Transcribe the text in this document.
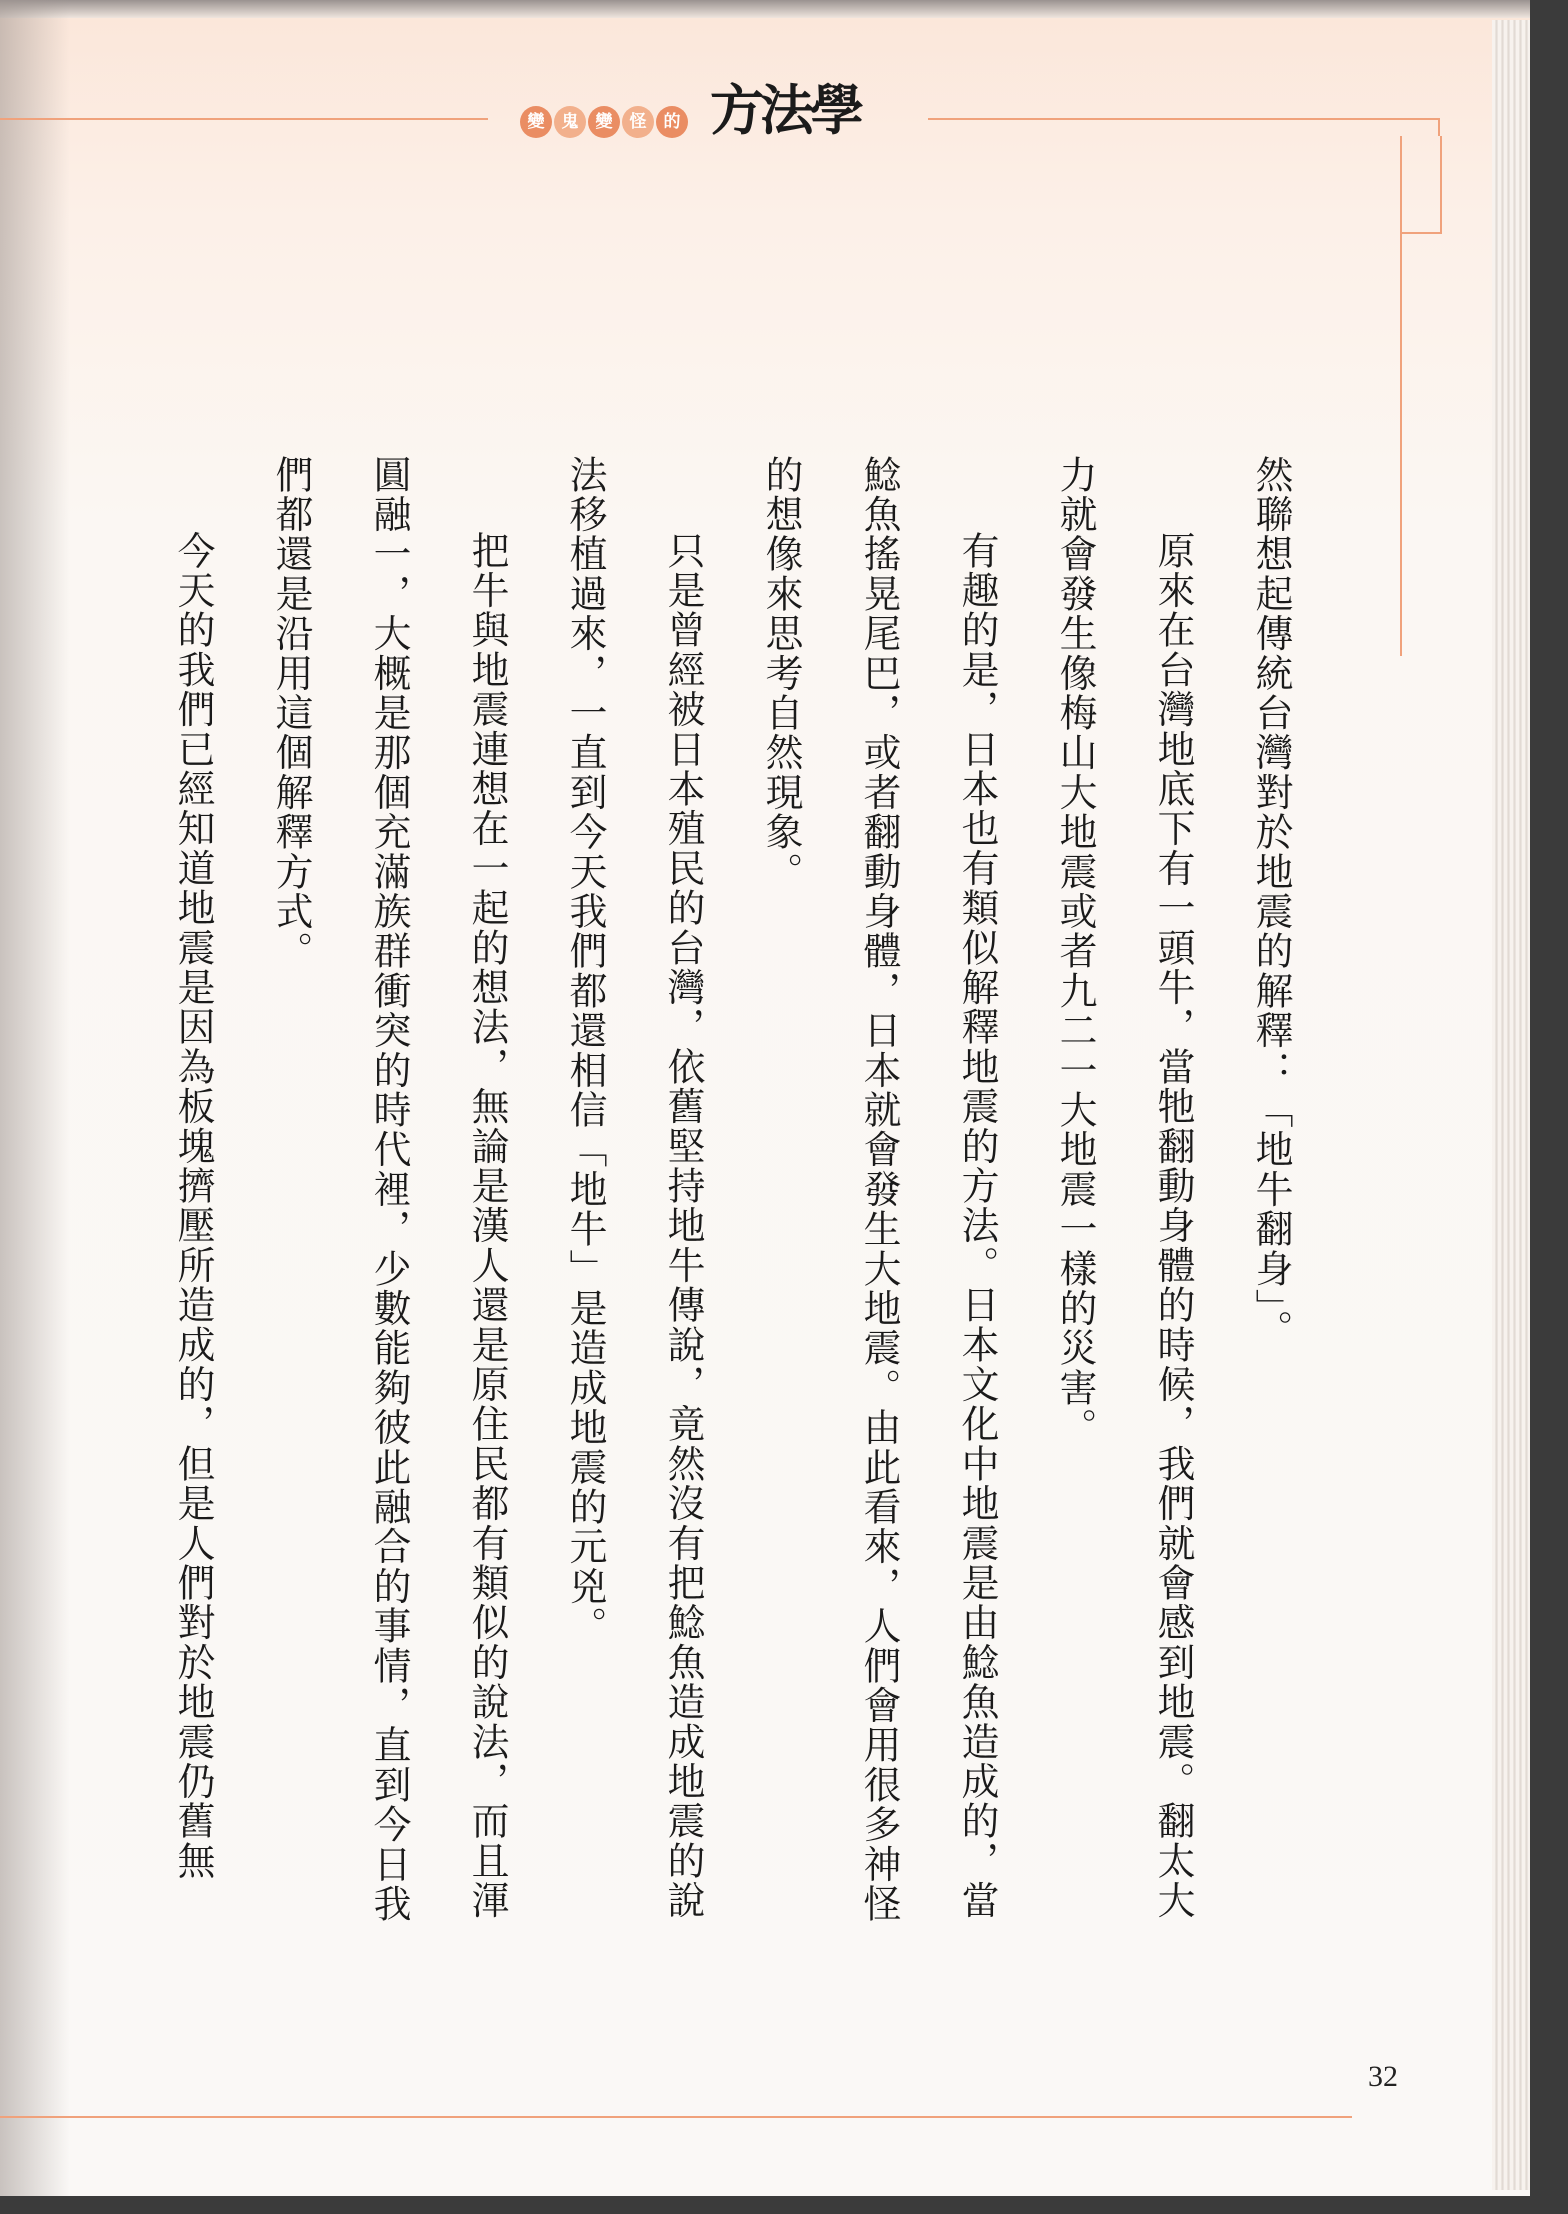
變	鬼	變	怪	的 方法學

然聯想起傳統台灣對於地震的解釋：「地牛翻身」。

原來在台灣地底下有一頭牛，當牠翻動身體的時候，我們就會感到地震。翻太大力就會發生像梅山大地震或者九二一大地震一樣的災害。

有趣的是，日本也有類似解釋地震的方法。日本文化中地震是由鯰魚造成的，當鯰魚搖晃尾巴，或者翻動身體，日本就會發生大地震。由此看來，人們會用很多神怪的想像來思考自然現象。

只是曾經被日本殖民的台灣，依舊堅持地牛傳說，竟然沒有把鯰魚造成地震的說法移植過來，一直到今天我們都還相信「地牛」是造成地震的元兇。

把牛與地震連想在一起的想法，無論是漢人還是原住民都有類似的說法，而且渾圓融一，大概是那個充滿族群衝突的時代裡，少數能夠彼此融合的事情，直到今日我們都還是沿用這個解釋方式。

今天的我們已經知道地震是因為板塊擠壓所造成的，但是人們對於地震仍舊無

32
